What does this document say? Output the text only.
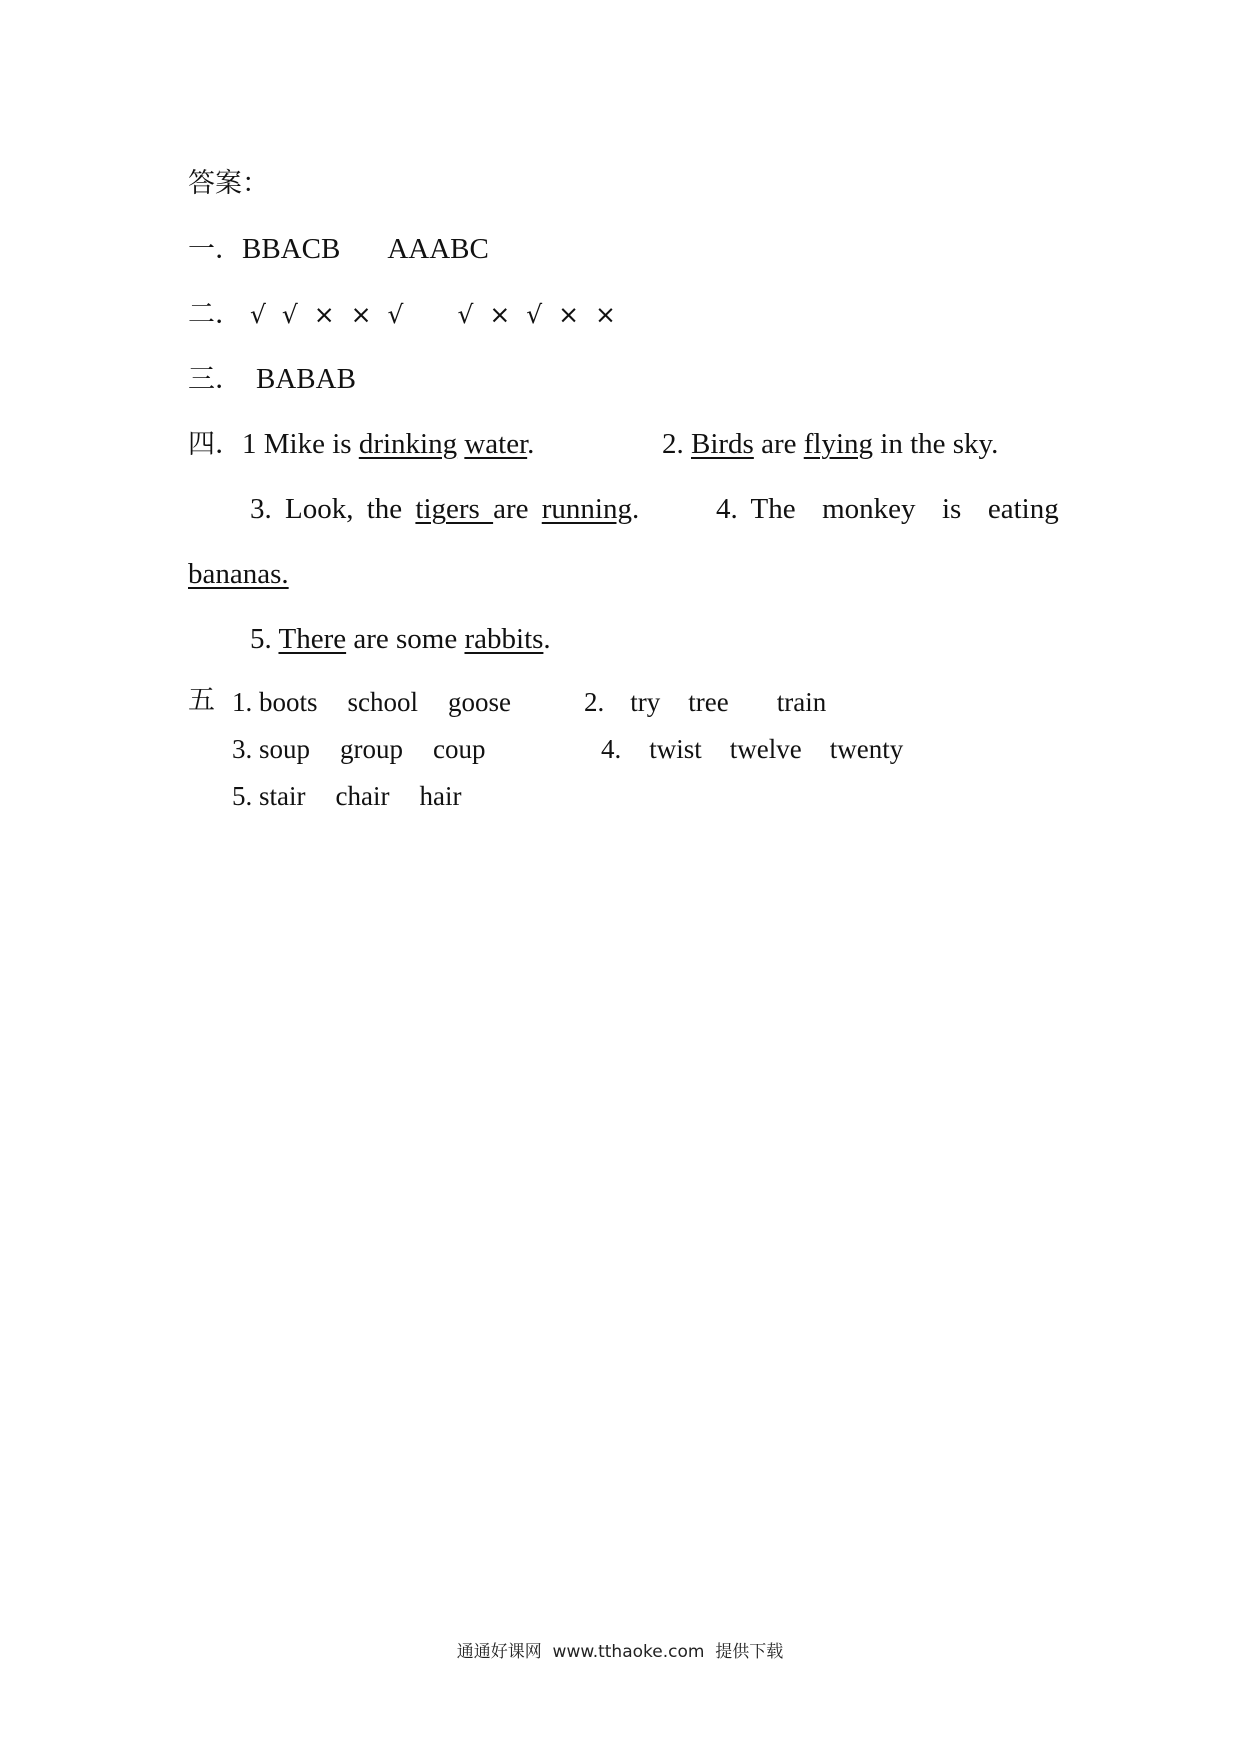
答案：
一．BBACB AAABC
二． √ √ × × √ √ × √ × ×
三． BABAB
四．1 Mike is drinking water.	2. Birds are flying in the sky.
3. Look, the tigers are running.	4. The  monkey  is  eating
bananas.
5. There are some rabbits.
五 1. boots school goose	2. try tree train
3. soup group coup	4. twist twelve twenty
5. stair chair hair
通通好课网  www.tthaoke.com  提供下载
